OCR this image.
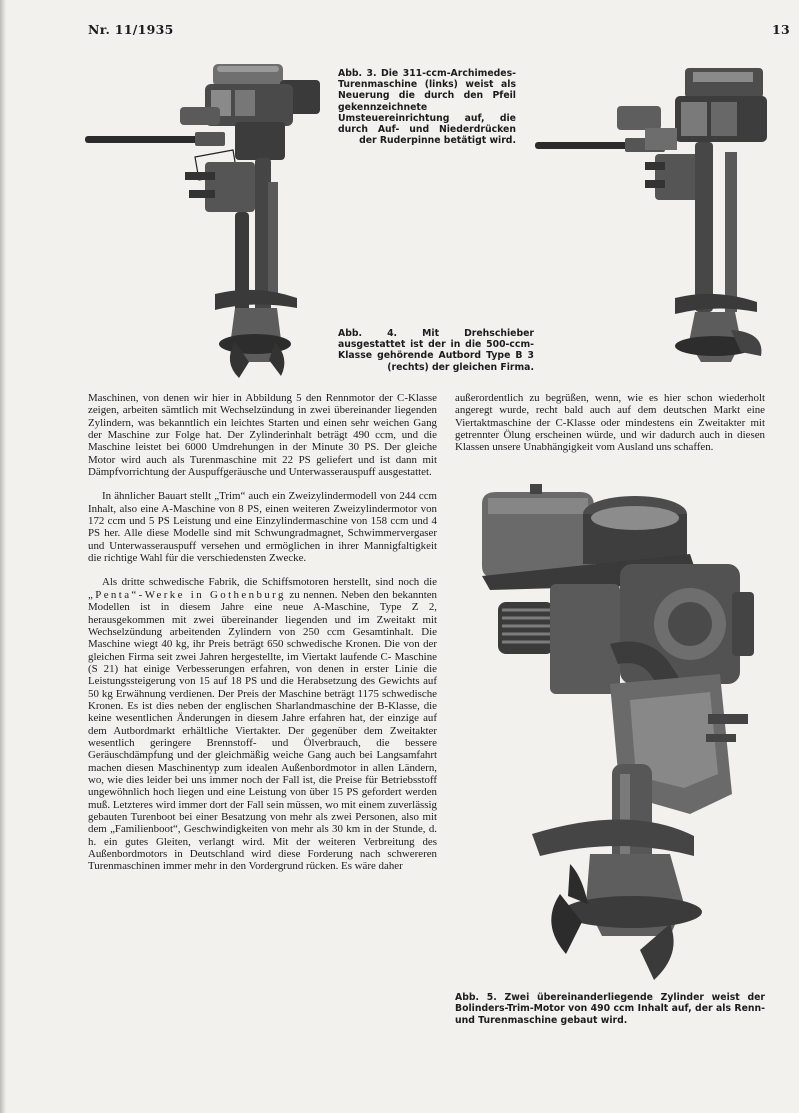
Nr. 11/1935	13
Abb. 3. Die 311-ccm-Archimedes-Turenmaschine (links) weist als Neuerung die durch den Pfeil gekennzeichnete Umsteuereinrichtung auf, die durch Auf- und Niederdrücken der Ruderpinne betätigt wird.
Abb. 4. Mit Drehschieber ausgestattet ist der in die 500-ccm-Klasse gehörende Autbord Type B 3 (rechts) der gleichen Firma.

Maschinen, von denen wir hier in Abbildung 5 den Rennmotor der C-Klasse zeigen, arbeiten sämtlich mit Wechselzündung in zwei übereinander liegenden Zylindern, was bekanntlich ein leichtes Starten und einen sehr weichen Gang der Maschine zur Folge hat. Der Zylinderinhalt beträgt 490 ccm, und die Maschine leistet bei 6000 Umdrehungen in der Minute 30 PS. Der gleiche Motor wird auch als Turenmaschine mit 22 PS geliefert und ist dann mit Dämpfvorrichtung der Auspuffgeräusche und Unterwasserauspuff ausgestattet.

In ähnlicher Bauart stellt „Trim“ auch ein Zweizylindermodell von 244 ccm Inhalt, also eine A-Maschine von 8 PS, einen weiteren Zweizylindermotor von 172 ccm und 5 PS Leistung und eine Einzylindermaschine von 158 ccm und 4 PS her. Alle diese Modelle sind mit Schwungradmagnet, Schwimmervergaser und Unterwasserauspuff versehen und ermöglichen in ihrer Mannigfaltigkeit die richtige Wahl für die verschiedensten Zwecke.

Als dritte schwedische Fabrik, die Schiffsmotoren herstellt, sind noch die „Penta“-Werke in Gothenburg zu nennen. Neben den bekannten Modellen ist in diesem Jahre eine neue A-Maschine, Type Z 2, herausgekommen mit zwei übereinander liegenden und im Zweitakt mit Wechselzündung arbeitenden Zylindern von 250 ccm Gesamtinhalt. Die Maschine wiegt 40 kg, ihr Preis beträgt 650 schwedische Kronen. Die von der gleichen Firma seit zwei Jahren hergestellte, im Viertakt laufende C- Maschine (S 21) hat einige Verbesserungen erfahren, von denen in erster Linie die Leistungssteigerung von 15 auf 18 PS und die Herabsetzung des Gewichts auf 50 kg Erwähnung verdienen. Der Preis der Maschine beträgt 1175 schwedische Kronen. Es ist dies neben der englischen Sharlandmaschine der B-Klasse, die keine wesentlichen Änderungen in diesem Jahre erfahren hat, der einzige auf dem Autbordmarkt erhältliche Viertakter. Der gegenüber dem Zweitakter wesentlich geringere Brennstoff- und Ölverbrauch, die bessere Geräuschdämpfung und der gleichmäßig weiche Gang auch bei Langsamfahrt machen diesen Maschinentyp zum idealen Außenbordmotor in allen Ländern, wo, wie dies leider bei uns immer noch der Fall ist, die Preise für Betriebsstoff ungewöhnlich hoch liegen und eine Leistung von über 15 PS gefordert werden muß. Letzteres wird immer dort der Fall sein müssen, wo mit einem zuverlässig gebauten Turenboot bei einer Besatzung von mehr als zwei Personen, also mit dem „Familienboot“, Geschwindigkeiten von mehr als 30 km in der Stunde, d. h. ein gutes Gleiten, verlangt wird. Mit der weiteren Verbreitung des Außenbordmotors in Deutschland wird diese Forderung nach schwereren Turenmaschinen immer mehr in den Vordergrund rücken. Es wäre daher

außerordentlich zu begrüßen, wenn, wie es hier schon wiederholt angeregt wurde, recht bald auch auf dem deutschen Markt eine Viertaktmaschine der C-Klasse oder mindestens ein Zweitakter mit getrennter Ölung erscheinen würde, und wir dadurch auch in diesen Klassen unsere Unabhängigkeit vom Ausland uns schaffen.

Abb. 5. Zwei übereinanderliegende Zylinder weist der Bolinders-Trim-Motor von 490 ccm Inhalt auf, der als Renn- und Turenmaschine gebaut wird.
